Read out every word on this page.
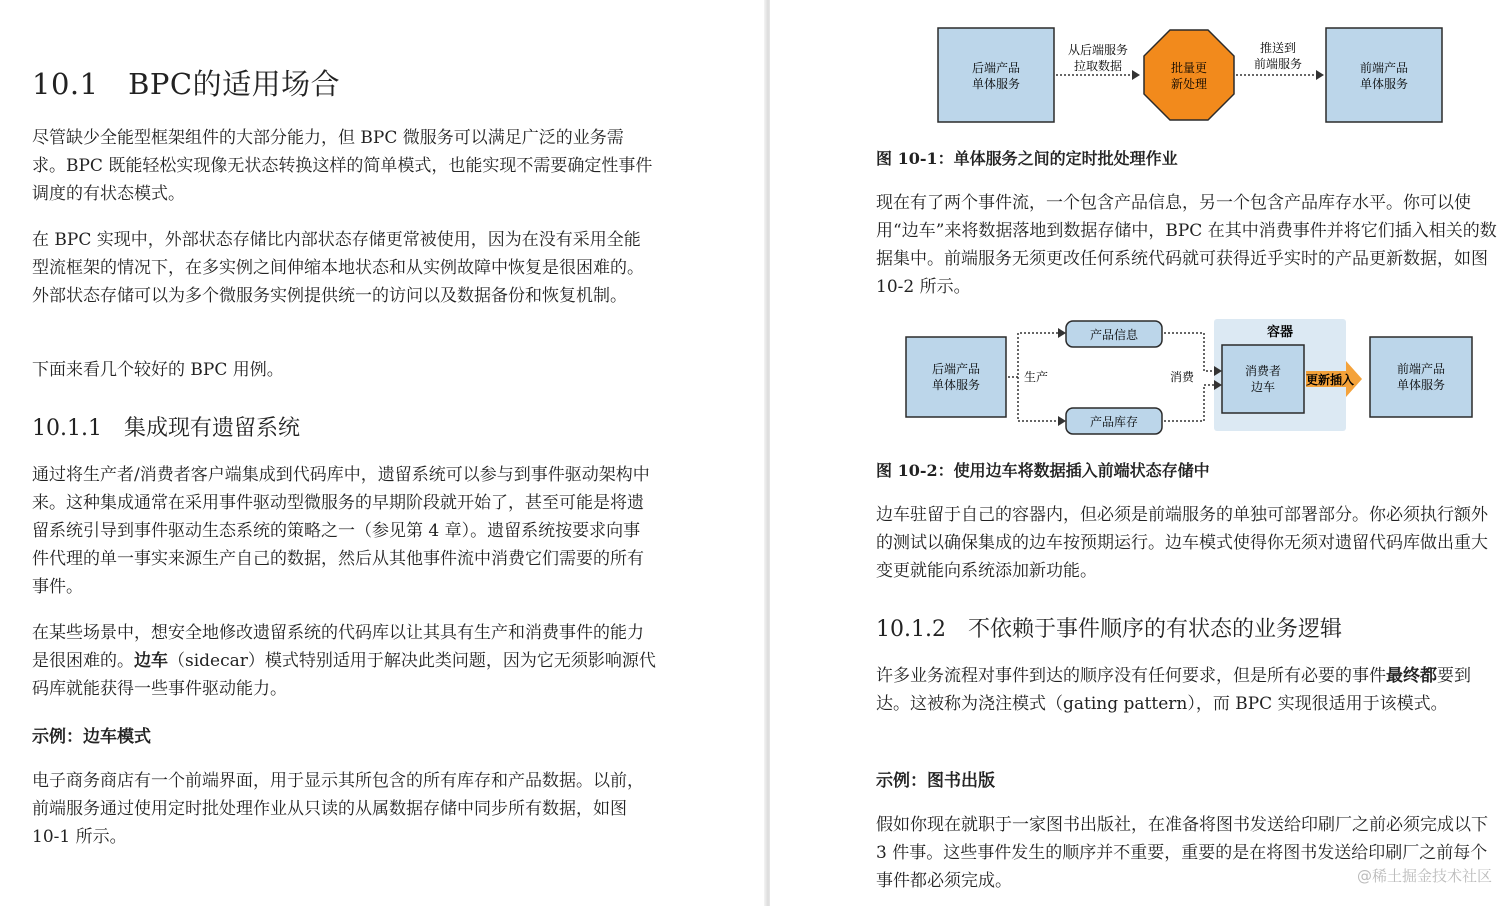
10.1　BPC的适用场合

尽管缺少全能型框架组件的大部分能力，但 BPC 微服务可以满足广泛的业务需求。BPC 既能轻松实现像无状态转换这样的简单模式，也能实现不需要确定性事件调度的有状态模式。

在 BPC 实现中，外部状态存储比内部状态存储更常被使用，因为在没有采用全能型流框架的情况下，在多实例之间伸缩本地状态和从实例故障中恢复是很困难的。外部状态存储可以为多个微服务实例提供统一的访问以及数据备份和恢复机制。

下面来看几个较好的 BPC 用例。

10.1.1　集成现有遗留系统

通过将生产者/消费者客户端集成到代码库中，遗留系统可以参与到事件驱动架构中来。这种集成通常在采用事件驱动型微服务的早期阶段就开始了，甚至可能是将遗留系统引导到事件驱动生态系统的策略之一（参见第 4 章）。遗留系统按要求向事件代理的单一事实来源生产自己的数据，然后从其他事件流中消费它们需要的所有事件。

在某些场景中，想安全地修改遗留系统的代码库以让其具有生产和消费事件的能力是很困难的。边车（sidecar）模式特别适用于解决此类问题，因为它无须影响源代码库就能获得一些事件驱动能力。

示例：边车模式

电子商务商店有一个前端界面，用于显示其所包含的所有库存和产品数据。以前，前端服务通过使用定时批处理作业从只读的从属数据存储中同步所有数据，如图 10-1 所示。

后端产品
单体服务
从后端服务
拉取数据	批量更
新处理
推送到
前端服务	前端产品
单体服务

图 10-1：单体服务之间的定时批处理作业

现在有了两个事件流，一个包含产品信息，另一个包含产品库存水平。你可以使用“边车”来将数据落地到数据存储中，BPC 在其中消费事件并将它们插入相关的数据集中。前端服务无须更改任何系统代码就可获得近乎实时的产品更新数据，如图 10-2 所示。

容器
后端产品
单体服务
生产
产品信息
产品库存
消费	消费者
边车	更新插入
前端产品
单体服务

图 10-2：使用边车将数据插入前端状态存储中

边车驻留于自己的容器内，但必须是前端服务的单独可部署部分。你必须执行额外的测试以确保集成的边车按预期运行。边车模式使得你无须对遗留代码库做出重大变更就能向系统添加新功能。

10.1.2　不依赖于事件顺序的有状态的业务逻辑

许多业务流程对事件到达的顺序没有任何要求，但是所有必要的事件最终都要到达。这被称为浇注模式（gating pattern），而 BPC 实现很适用于该模式。

示例：图书出版

假如你现在就职于一家图书出版社，在准备将图书发送给印刷厂之前必须完成以下 3 件事。这些事件发生的顺序并不重要，重要的是在将图书发送给印刷厂之前每个事件都必须完成。	@稀土掘金技术社区
